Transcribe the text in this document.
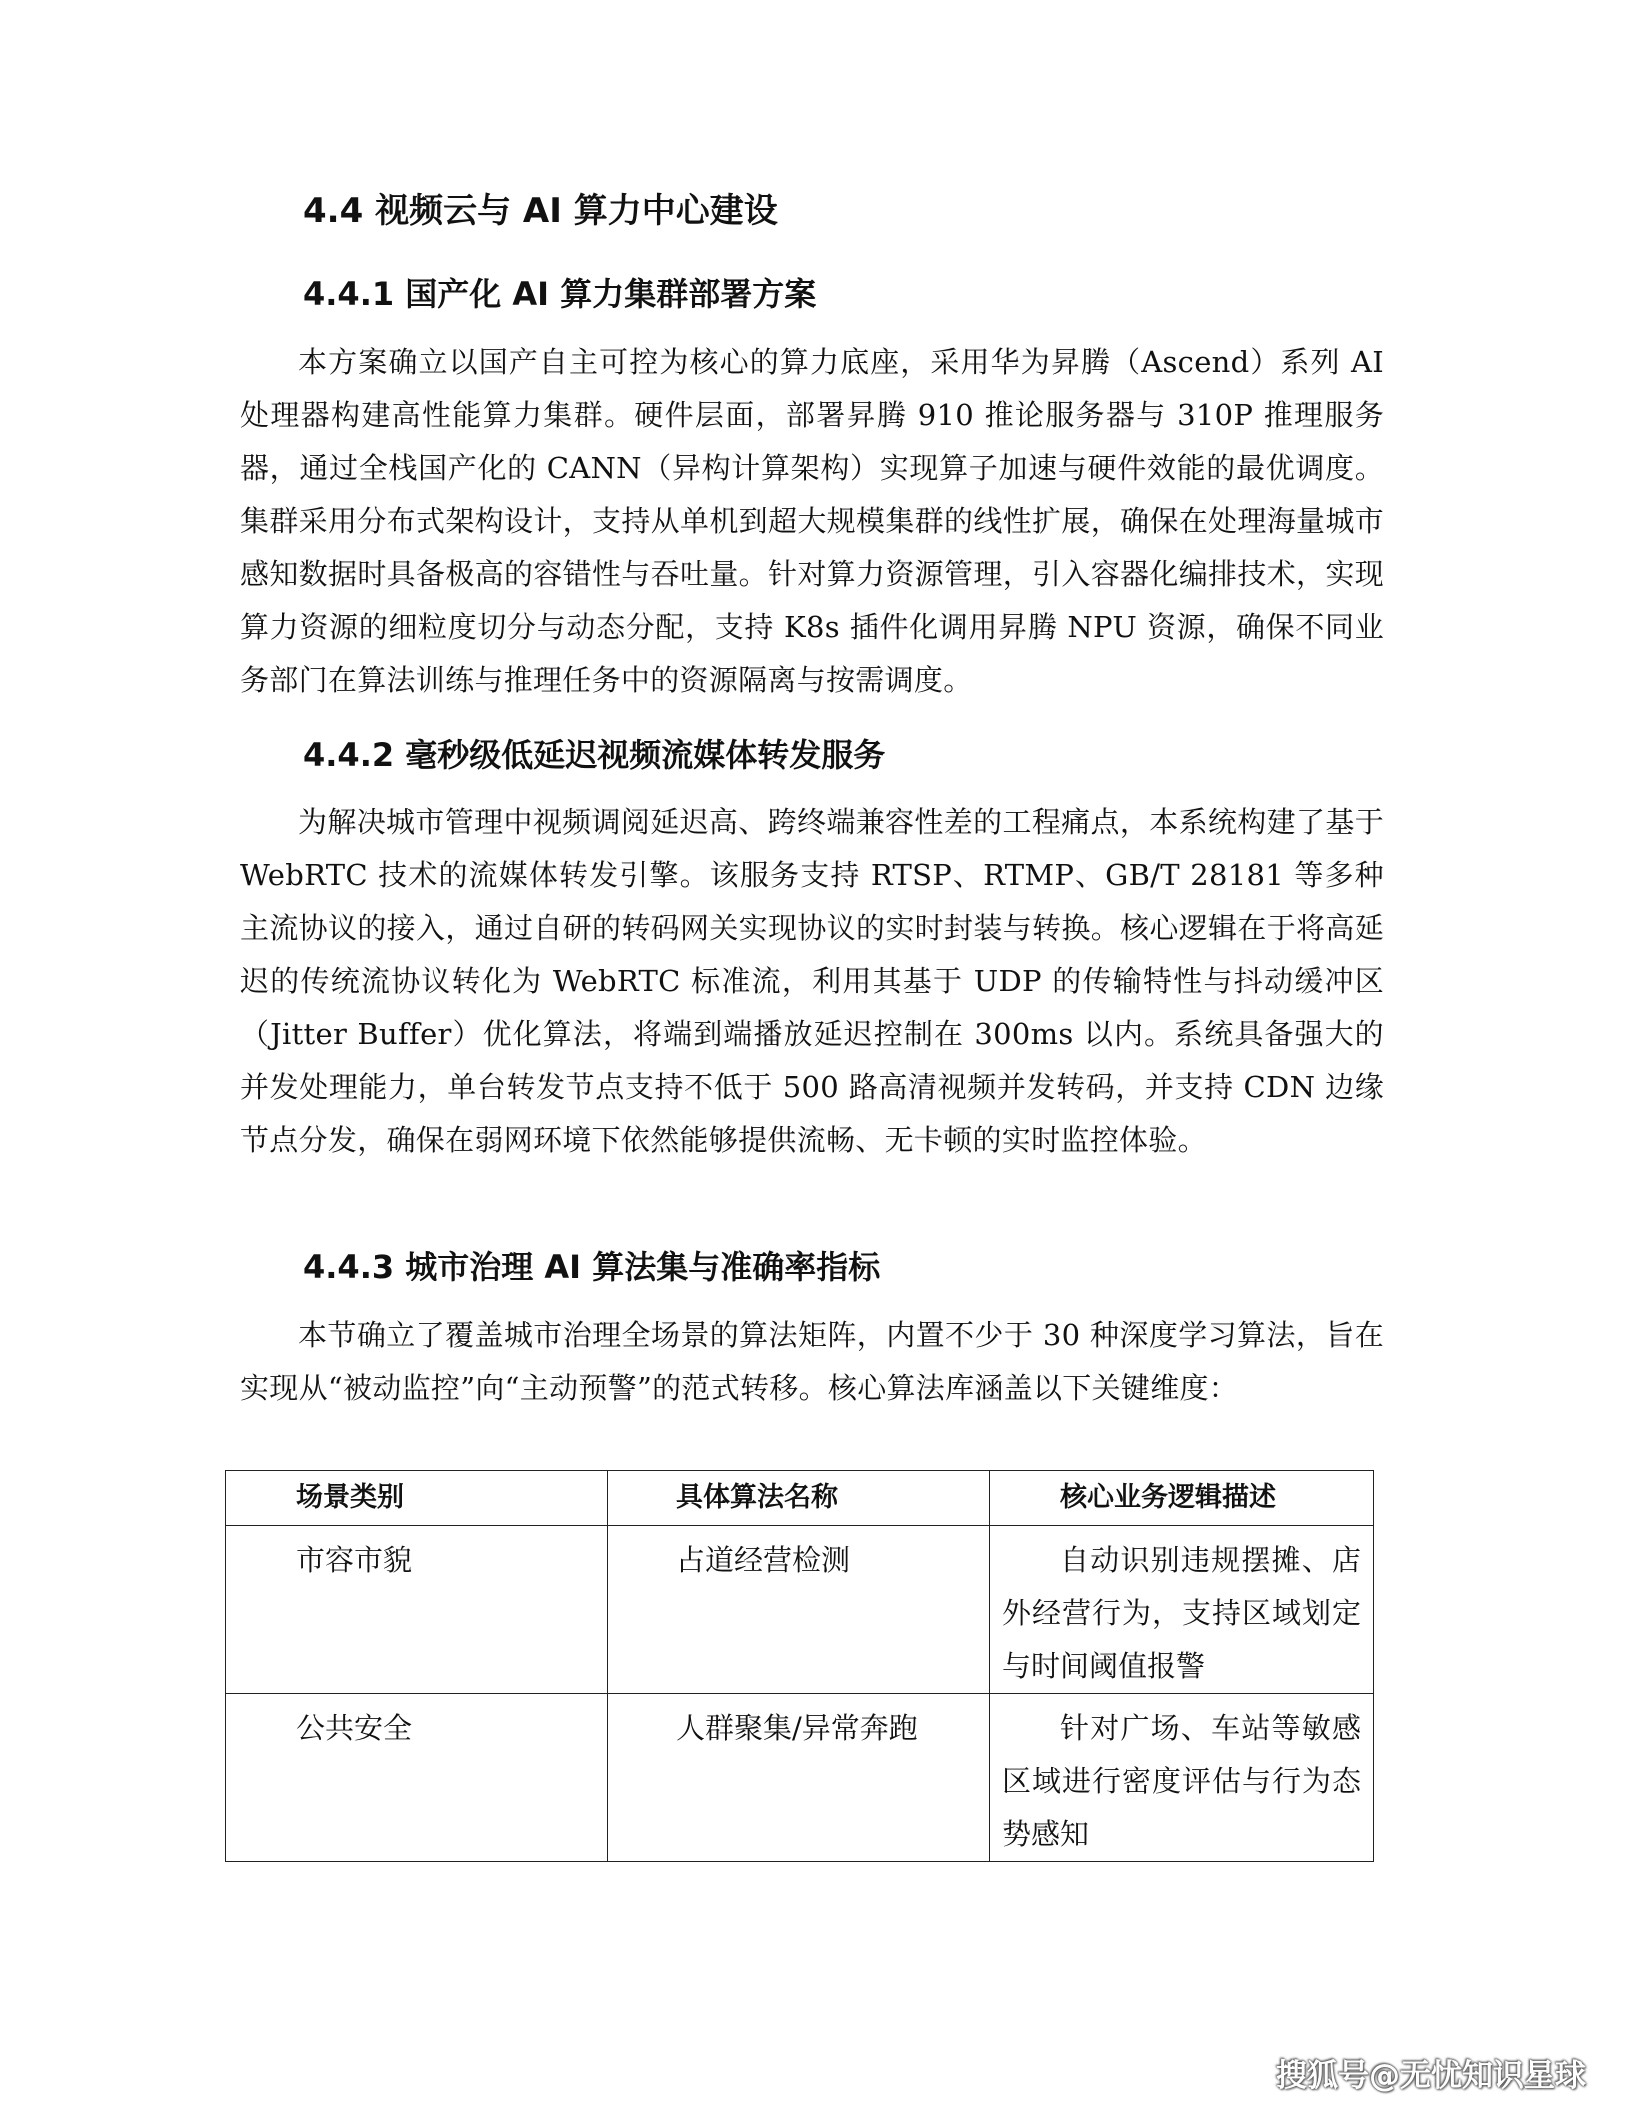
4.4 视频云与 AI 算力中心建设
4.4.1 国产化 AI 算力集群部署方案

本方案确立以国产自主可控为核心的算力底座，采用华为昇腾（Ascend）系列 AI 处理器构建高性能算力集群。硬件层面，部署昇腾 910 推论服务器与 310P 推理服务器，通过全栈国产化的 CANN（异构计算架构）实现算子加速与硬件效能的最优调度。集群采用分布式架构设计，支持从单机到超大规模集群的线性扩展，确保在处理海量城市感知数据时具备极高的容错性与吞吐量。针对算力资源管理，引入容器化编排技术，实现算力资源的细粒度切分与动态分配，支持 K8s 插件化调用昇腾 NPU 资源，确保不同业务部门在算法训练与推理任务中的资源隔离与按需调度。

4.4.2 毫秒级低延迟视频流媒体转发服务

为解决城市管理中视频调阅延迟高、跨终端兼容性差的工程痛点，本系统构建了基于 WebRTC 技术的流媒体转发引擎。该服务支持 RTSP、RTMP、GB/T 28181 等多种主流协议的接入，通过自研的转码网关实现协议的实时封装与转换。核心逻辑在于将高延迟的传统流协议转化为 WebRTC 标准流，利用其基于 UDP 的传输特性与抖动缓冲区（Jitter Buffer）优化算法，将端到端播放延迟控制在 300ms 以内。系统具备强大的并发处理能力，单台转发节点支持不低于 500 路高清视频并发转码，并支持 CDN 边缘节点分发，确保在弱网环境下依然能够提供流畅、无卡顿的实时监控体验。

4.4.3 城市治理 AI 算法集与准确率指标

本节确立了覆盖城市治理全场景的算法矩阵，内置不少于 30 种深度学习算法，旨在实现从“被动监控”向“主动预警”的范式转移。核心算法库涵盖以下关键维度：

场景类别	具体算法名称	核心业务逻辑描述
市容市貌	占道经营检测	自动识别违规摆摊、店外经营行为，支持区域划定与时间阈值报警
公共安全	人群聚集/异常奔跑	针对广场、车站等敏感区域进行密度评估与行为态势感知
搜狐号@无忧知识星球
